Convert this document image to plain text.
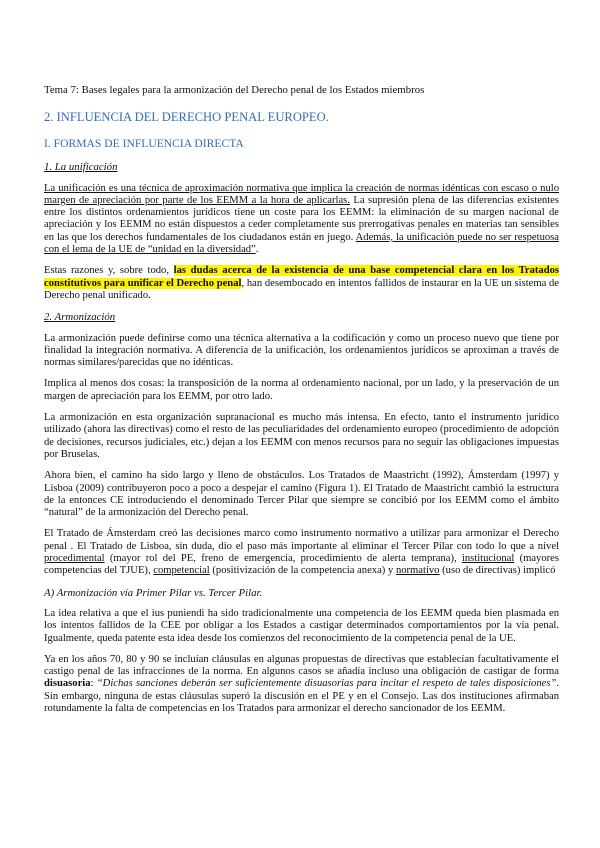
Tema 7: Bases legales para la armonización del Derecho penal de los Estados miembros
2. INFLUENCIA DEL DERECHO PENAL EUROPEO.
I. FORMAS DE INFLUENCIA DIRECTA
1. La unificación

La unificación es una técnica de aproximación normativa que implica la creación de normas idénticas con escaso o nulo margen de apreciación por parte de los EEMM a la hora de aplicarlas. La supresión plena de las diferencias existentes entre los distintos ordenamientos jurídicos tiene un coste para los EEMM: la eliminación de su margen nacional de apreciación y los EEMM no están dispuestos a ceder completamente sus prerrogativas penales en materias tan sensibles en las que los derechos fundamentales de los ciudadanos están en juego. Además, la unificación puede no ser respetuosa con el lema de la UE de “unidad en la diversidad”.

Estas razones y, sobre todo, las dudas acerca de la existencia de una base competencial clara en los Tratados constitutivos para unificar el Derecho penal, han desembocado en intentos fallidos de instaurar en la UE un sistema de Derecho penal unificado.

2. Armonización

La armonización puede definirse como una técnica alternativa a la codificación y como un proceso nuevo que tiene por finalidad la integración normativa. A diferencia de la unificación, los ordenamientos jurídicos se aproximan a través de normas similares/parecidas que no idénticas.

Implica al menos dos cosas: la transposición de la norma al ordenamiento nacional, por un lado, y la preservación de un margen de apreciación para los EEMM, por otro lado.

La armonización en esta organización supranacional es mucho más intensa. En efecto, tanto el instrumento jurídico utilizado (ahora las directivas) como el resto de las peculiaridades del ordenamiento europeo (procedimiento de adopción de decisiones, recursos judiciales, etc.) dejan a los EEMM con menos recursos para no seguir las obligaciones impuestas por Bruselas.

Ahora bien, el camino ha sido largo y lleno de obstáculos. Los Tratados de Maastricht (1992), Ámsterdam (1997) y Lisboa (2009) contribuyeron poco a poco a despejar el camino (Figura 1). El Tratado de Maastricht cambió la estructura de la entonces CE introduciendo el denominado Tercer Pilar que siempre se concibió por los EEMM como el ámbito “natural” de la armonización del Derecho penal.

El Tratado de Ámsterdam creó las decisiones marco como instrumento normativo a utilizar para armonizar el Derecho penal . El Tratado de Lisboa, sin duda, dio el paso más importante al eliminar el Tercer Pilar con todo lo que a nivel procedimental (mayor rol del PE, freno de emergencia, procedimiento de alerta temprana), institucional (mayores competencias del TJUE), competencial (positivización de la competencia anexa) y normativo (uso de directivas) implicó

A) Armonización vía Primer Pilar vs. Tercer Pilar.

La idea relativa a que el ius puniendi ha sido tradicionalmente una competencia de los EEMM queda bien plasmada en los intentos fallidos de la CEE por obligar a los Estados a castigar determinados comportamientos por la vía penal. Igualmente, queda patente esta idea desde los comienzos del reconocimiento de la competencia penal de la UE.

Ya en los años 70, 80 y 90 se incluían cláusulas en algunas propuestas de directivas que establecían facultativamente el castigo penal de las infracciones de la norma. En algunos casos se añadía incluso una obligación de castigar de forma disuasoria: “Dichas sanciones deberán ser suficientemente disuasorias para incitar el respeto de tales disposiciones”. Sin embargo, ninguna de estas cláusulas superó la discusión en el PE y en el Consejo. Las dos instituciones afirmaban rotundamente la falta de competencias en los Tratados para armonizar el derecho sancionador de los EEMM.
